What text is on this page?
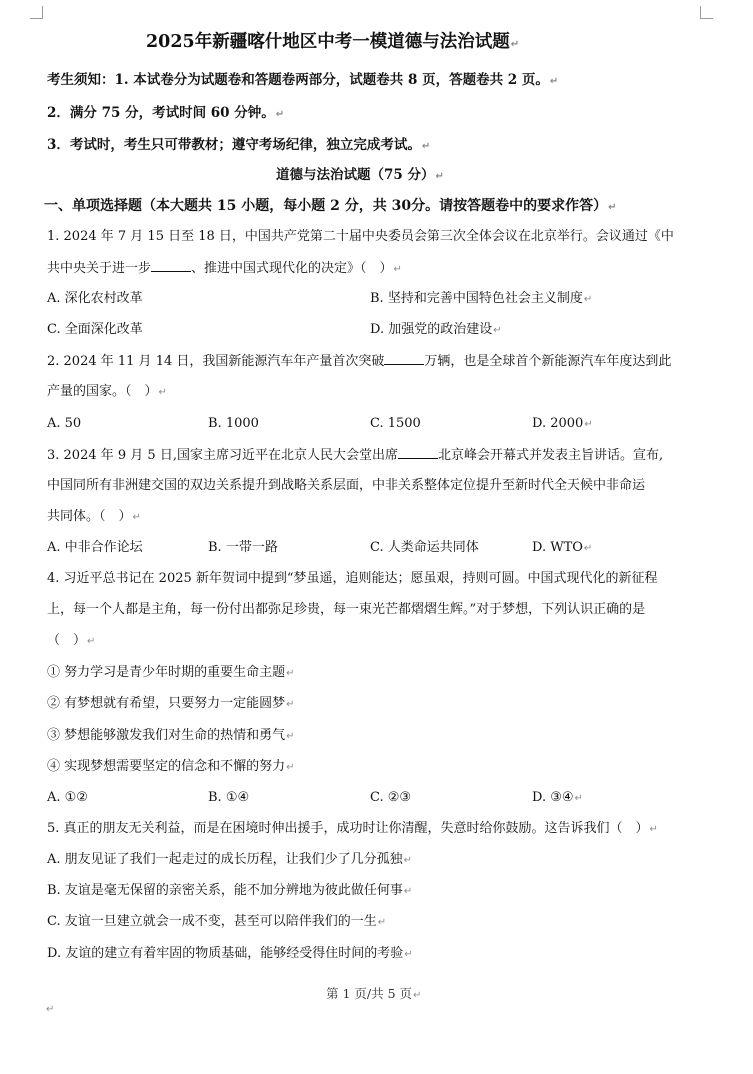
2025年新疆喀什地区中考一模道德与法治试题↵
考生须知：1. 本试卷分为试题卷和答题卷两部分，试题卷共 8 页，答题卷共 2 页。↵
2．满分 75 分，考试时间 60 分钟。↵
3．考试时，考生只可带教材；遵守考场纪律，独立完成考试。↵
道德与法治试题（75 分）↵
一、单项选择题（本大题共 15 小题，每小题 2 分，共 30分。请按答题卷中的要求作答）↵
1. 2024 年 7 月 15 日至 18 日，中国共产党第二十届中央委员会第三次全体会议在北京举行。会议通过《中
共中央关于进一步	、推进中国式现代化的决定》（　）↵
A. 深化农村改革	B. 坚持和完善中国特色社会主义制度↵
C. 全面深化改革	D. 加强党的政治建设↵
2. 2024 年 11 月 14 日，我国新能源汽车年产量首次突破	万辆，也是全球首个新能源汽车年度达到此
产量的国家。（　）↵
A. 50	B. 1000	C. 1500	D. 2000↵
3. 2024 年 9 月 5 日,国家主席习近平在北京人民大会堂出席	北京峰会开幕式并发表主旨讲话。宣布,
中国同所有非洲建交国的双边关系提升到战略关系层面，中非关系整体定位提升至新时代全天候中非命运
共同体。（　）↵
A. 中非合作论坛	B. 一带一路	C. 人类命运共同体	D. WTO↵
4. 习近平总书记在 2025 新年贺词中提到“梦虽遥，追则能达；愿虽艰，持则可圆。中国式现代化的新征程
上，每一个人都是主角，每一份付出都弥足珍贵，每一束光芒都熠熠生辉。”对于梦想，下列认识正确的是
（　）↵
① 努力学习是青少年时期的重要生命主题↵
② 有梦想就有希望，只要努力一定能圆梦↵
③ 梦想能够激发我们对生命的热情和勇气↵
④ 实现梦想需要坚定的信念和不懈的努力↵
A. ①②	B. ①④	C. ②③	D. ③④↵
5. 真正的朋友无关利益，而是在困境时伸出援手，成功时让你清醒，失意时给你鼓励。这告诉我们（　）↵
A. 朋友见证了我们一起走过的成长历程，让我们少了几分孤独↵
B. 友谊是毫无保留的亲密关系，能不加分辨地为彼此做任何事↵
C. 友谊一旦建立就会一成不变，甚至可以陪伴我们的一生↵
D. 友谊的建立有着牢固的物质基础，能够经受得住时间的考验↵
第 1 页/共 5 页↵
↵
